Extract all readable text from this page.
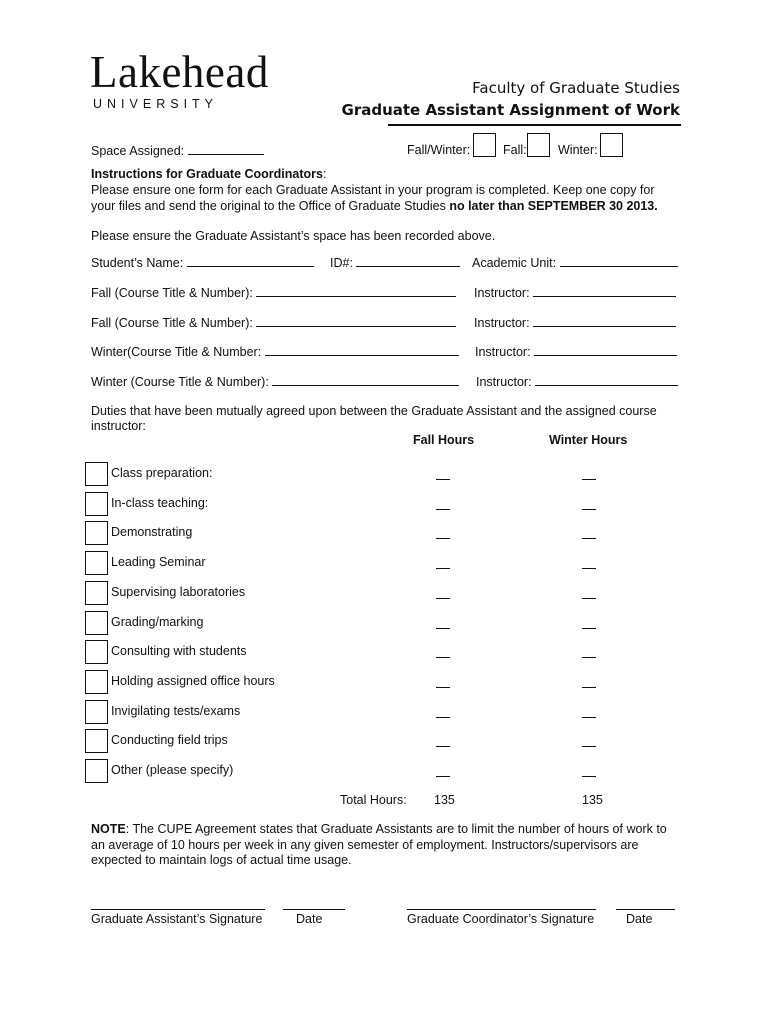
Lakehead
UNIVERSITY
Faculty of Graduate Studies
Graduate Assistant Assignment of Work
Space Assigned:	Fall/Winter:	Fall:	Winter:
Instructions for Graduate Coordinators:
Please ensure one form for each Graduate Assistant in your program is completed. Keep one copy for
your files and send the original to the Office of Graduate Studies no later than SEPTEMBER 30 2013.
Please ensure the Graduate Assistant’s space has been recorded above.
Student’s Name:	ID#:	Academic Unit:
Fall (Course Title & Number):	Instructor:
Fall (Course Title & Number):	Instructor:
Winter(Course Title & Number:	Instructor:
Winter (Course Title & Number):	Instructor:
Duties that have been mutually agreed upon between the Graduate Assistant and the assigned course
instructor:
Fall Hours	Winter Hours
Class preparation:
In-class teaching:
Demonstrating
Leading Seminar
Supervising laboratories
Grading/marking
Consulting with students
Holding assigned office hours
Invigilating tests/exams
Conducting field trips
Other (please specify)
Total Hours: 135	135
NOTE: The CUPE Agreement states that Graduate Assistants are to limit the number of hours of work to
an average of 10 hours per week in any given semester of employment. Instructors/supervisors are
expected to maintain logs of actual time usage.
Graduate Assistant’s Signature	Date	Graduate Coordinator’s Signature	Date
